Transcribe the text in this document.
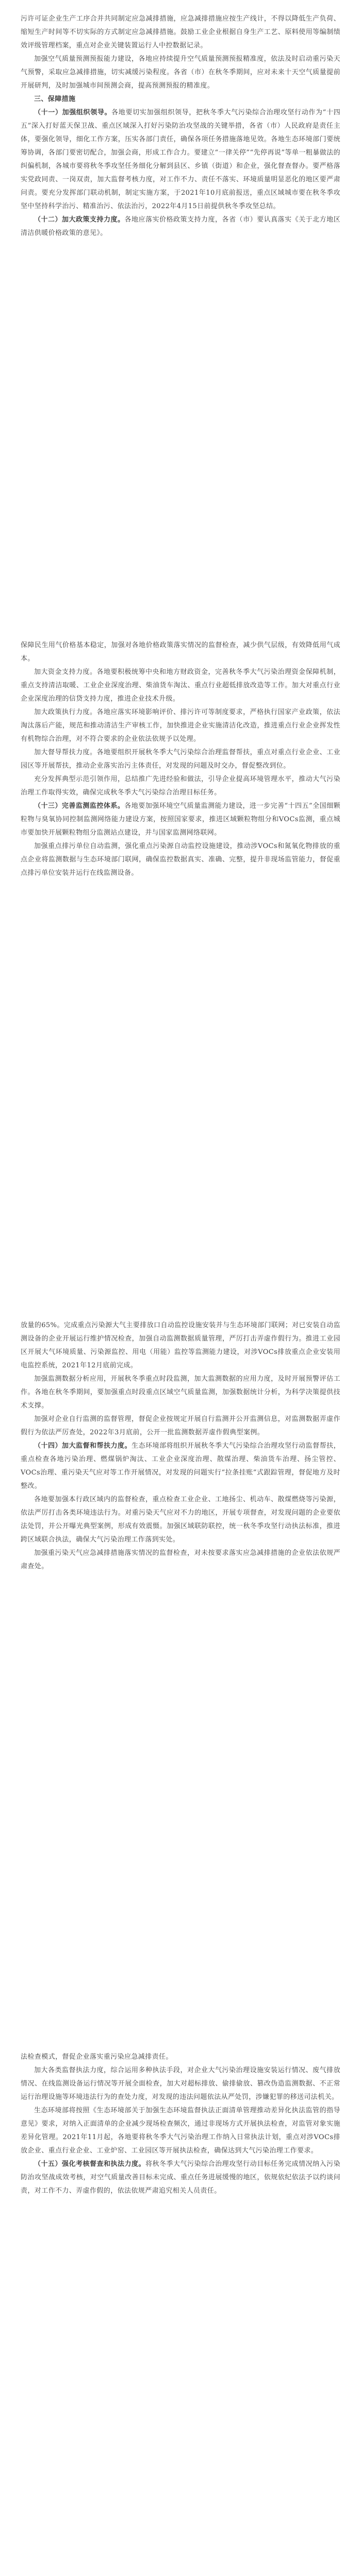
污许可证企业生产工序合并共同制定应急减排措施，应急减排措施应按生产线计，不得以降低生产负荷、缩短生产时间等不切实际的方式制定应急减排措施。鼓励工业企业根据自身生产工艺、原料使用等编制绩效评级管理档案，重点对企业关键装置运行人中控数据记录。

加强空气质量预测预报能力建设，各地应持续提升空气质量预测预报精准度，依法及时启动重污染天气预警，采取应急减排措施，切实减缓污染程度。各省（市）在秋冬季期间，应对未来十天空气质量提前开展研判，及时加强城市间预测会商，提高预测预报的精准度。

三、保障措施

（十一）加强组织领导。各地要切实加强组织领导，把秋冬季大气污染综合治理攻坚行动作为“十四五”深入打好蓝天保卫战、重点区域深入打好污染防治攻坚战的关键举措，各省（市）人民政府是责任主体，要强化领导，细化工作方案，压实各部门责任，确保各项任务措施落地见效。各地生态环境部门要统筹协调，各部门要密切配合，加强会商，形成工作合力。要建立“一律关停”“先停再说”等单一粗暴做法的纠偏机制，各城市要将秋冬季攻坚任务细化分解到县区、乡镇（街道）和企业，强化督查督办。要严格落实党政同责、一岗双责，加大监督考核力度，对工作不力、责任不落实、环境质量明显恶化的地区要严肃问责。要充分发挥部门联动机制，制定实施方案，于2021年10月底前报送，重点区域城市要在秋冬季攻坚中坚持科学治污、精准治污、依法治污，2022年4月15日前提供秋冬季攻坚总结。

（十二）加大政策支持力度。各地应落实价格政策支持力度，各省（市）要认真落实《关于北方地区清洁供暖价格政策的意见》。

保障民生用气价格基本稳定，加强对各地价格政策落实情况的监督检查，减少供气层级，有效降低用气成本。

加大资金支持力度。各地要积极统筹中央和地方财政资金，完善秋冬季大气污染治理资金保障机制，重点支持清洁取暖、工业企业深度治理、柴油货车淘汰、重点行业超低排放改造等工作。加大对重点行业企业深度治理的信贷支持力度，推进企业技术升级。

加大政策执行力度。各地应落实环境影响评价、排污许可等制度要求，严格执行国家产业政策，依法淘汰落后产能，规范和推动清洁生产审核工作，加快推进企业实施清洁化改造，推进重点行业企业挥发性有机物综合治理，对不符合要求的企业依法依规予以处理。

加大督导帮扶力度。各地要组织开展秋冬季大气污染综合治理监督帮扶，重点对重点行业企业、工业园区等开展帮扶，推动企业落实治污主体责任，对发现的问题及时交办，督促整改到位。

充分发挥典型示范引领作用，总结推广先进经验和做法，引导企业提高环境管理水平，推动大气污染治理工作取得实效，确保完成秋冬季大气污染综合治理目标任务。

（十三）完善监测监控体系。各地要加强环境空气质量监测能力建设，进一步完善“十四五”全国细颗粒物与臭氧协同控制监测网络能力建设方案，按照国家要求，推进区域颗粒物组分和VOCs监测，重点城市要加快开展颗粒物组分监测站点建设，并与国家监测网络联网。

加强重点排污单位自动监测，强化重点污染源自动监控设施建设，推动涉VOCs和氮氧化物排放的重点企业将监测数据与生态环境部门联网，确保监控数据真实、准确、完整，提升非现场监管能力，督促重点排污单位安装并运行在线监测设备。

放量的65%。完成重点污染源大气主要排放口自动监控设施安装并与生态环境部门联网；对已安装自动监测设备的企业开展运行维护情况检查，加强自动监测数据质量管理，严厉打击弄虚作假行为。推进工业园区开展大气环境质量、污染源监控、用电（用能）监控等监测能力建设，对涉VOCs排放重点企业安装用电监控系统，2021年12月底前完成。

加强监测数据分析应用，开展秋冬季重点时段监测，加大监测数据的应用力度，及时开展预警评估工作。各地在秋冬季期间，要加强重点时段重点区域空气质量监测，加强数据统计分析，为科学决策提供技术支撑。

加强对企业自行监测的监督管理，督促企业按规定开展自行监测并公开监测信息，对监测数据弄虚作假行为依法严厉查处，2022年3月底前，公开一批监测数据弄虚作假典型案例。

（十四）加大监督和帮扶力度。生态环境部将组织开展秋冬季大气污染综合治理攻坚行动监督帮扶，重点检查各地污染治理、燃煤锅炉淘汰、工业企业深度治理、散煤治理、柴油货车治理、扬尘管控、VOCs治理、重污染天气应对等工作开展情况，对发现的问题实行“拉条挂账”式跟踪管理，督促地方及时整改。

各地要加强本行政区域内的监督检查，重点检查工业企业、工地扬尘、机动车、散煤燃烧等污染源，依法严厉打击各类环境违法行为。对重污染天气应对不力的地区，开展专项督查，对发现问题的企业要依法处罚，并公开曝光典型案例，形成有效震慑。加强区域联防联控，统一秋冬季攻坚行动执法标准，推进跨区域联合执法，确保大气污染治理工作落到实处。

加强重污染天气应急减排措施落实情况的监督检查，对未按要求落实应急减排措施的企业依法依规严肃查处。

法检查模式，督促企业落实重污染应急减排责任。

加大各类监督执法力度，综合运用多种执法手段，对企业大气污染治理设施安装运行情况、废气排放情况、在线监测设备运行情况等开展全面检查，加大对超标排放、偷排偷放、篡改伪造监测数据、不正常运行治理设施等环境违法行为的查处力度，对发现的违法问题依法从严处罚，涉嫌犯罪的移送司法机关。

生态环境部将按照《生态环境部关于加强生态环境监督执法正面清单管理推动差异化执法监管的指导意见》要求，对纳入正面清单的企业减少现场检查频次，通过非现场方式开展执法检查，对监管对象实施差异化管理。2021年11月起，各地要将秋冬季大气污染治理工作纳入日常执法计划，重点对涉VOCs排放企业、重点行业企业、工业炉窑、工业园区等开展执法检查，确保达到大气污染治理工作要求。

（十五）强化考核督查和执法力度。将秋冬季大气污染综合治理攻坚行动目标任务完成情况纳入污染防治攻坚战成效考核，对空气质量改善目标未完成、重点任务进展缓慢的地区，依规依纪依法予以约谈问责，对工作不力、弄虚作假的，依法依规严肃追究相关人员责任。
